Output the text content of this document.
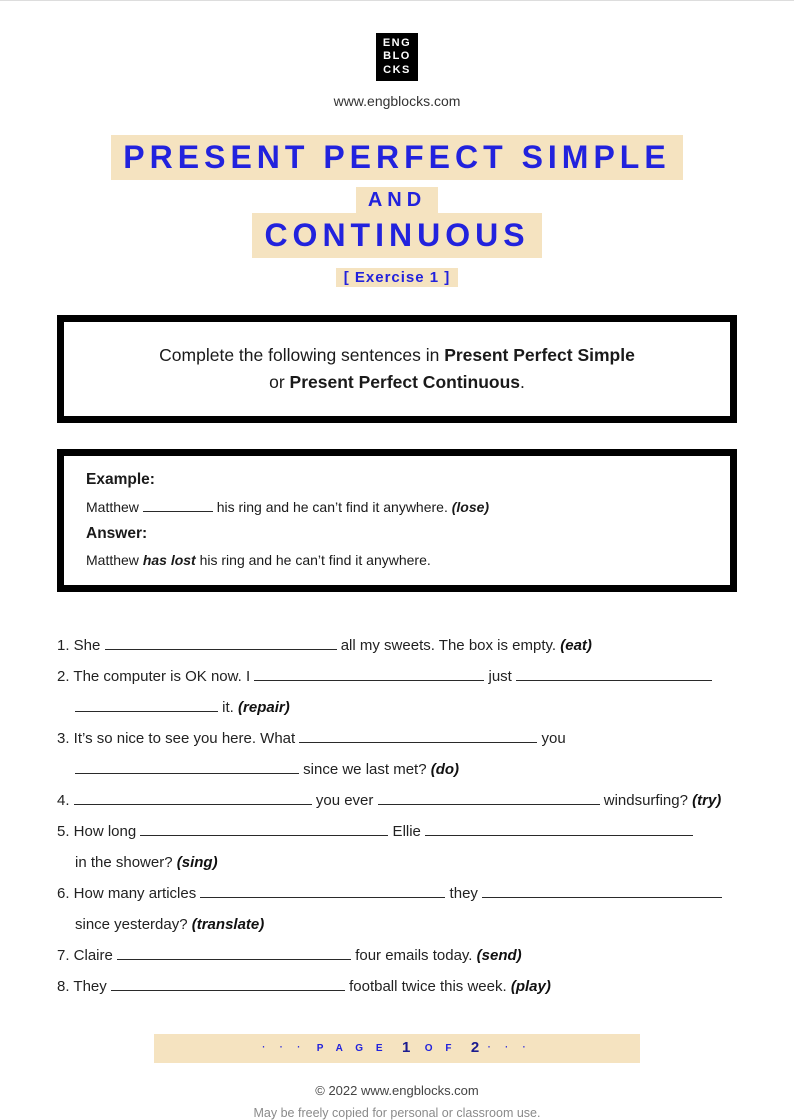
ENG
BLO
CKS
www.engblocks.com
PRESENT PERFECT SIMPLE
AND
CONTINUOUS
[ Exercise 1 ]
Complete the following sentences in Present Perfect Simple
or Present Perfect Continuous.
Example:
Matthew	his ring and he can’t find it anywhere. (lose)
Answer:
Matthew has lost his ring and he can’t find it anywhere.
1. She	all my sweets. The box is empty. (eat)
2. The computer is OK now. I	just
it. (repair)
3. It’s so nice to see you here. What	you
since we last met? (do)
4.	you ever	windsurfing? (try)
5. How long	Ellie
in the shower? (sing)
6. How many articles	they
since yesterday? (translate)
7. Claire	four emails today. (send)
8. They	football twice this week. (play)
· · · P A G E 1 O F 2 · · ·
© 2022 www.engblocks.com
May be freely copied for personal or classroom use.
